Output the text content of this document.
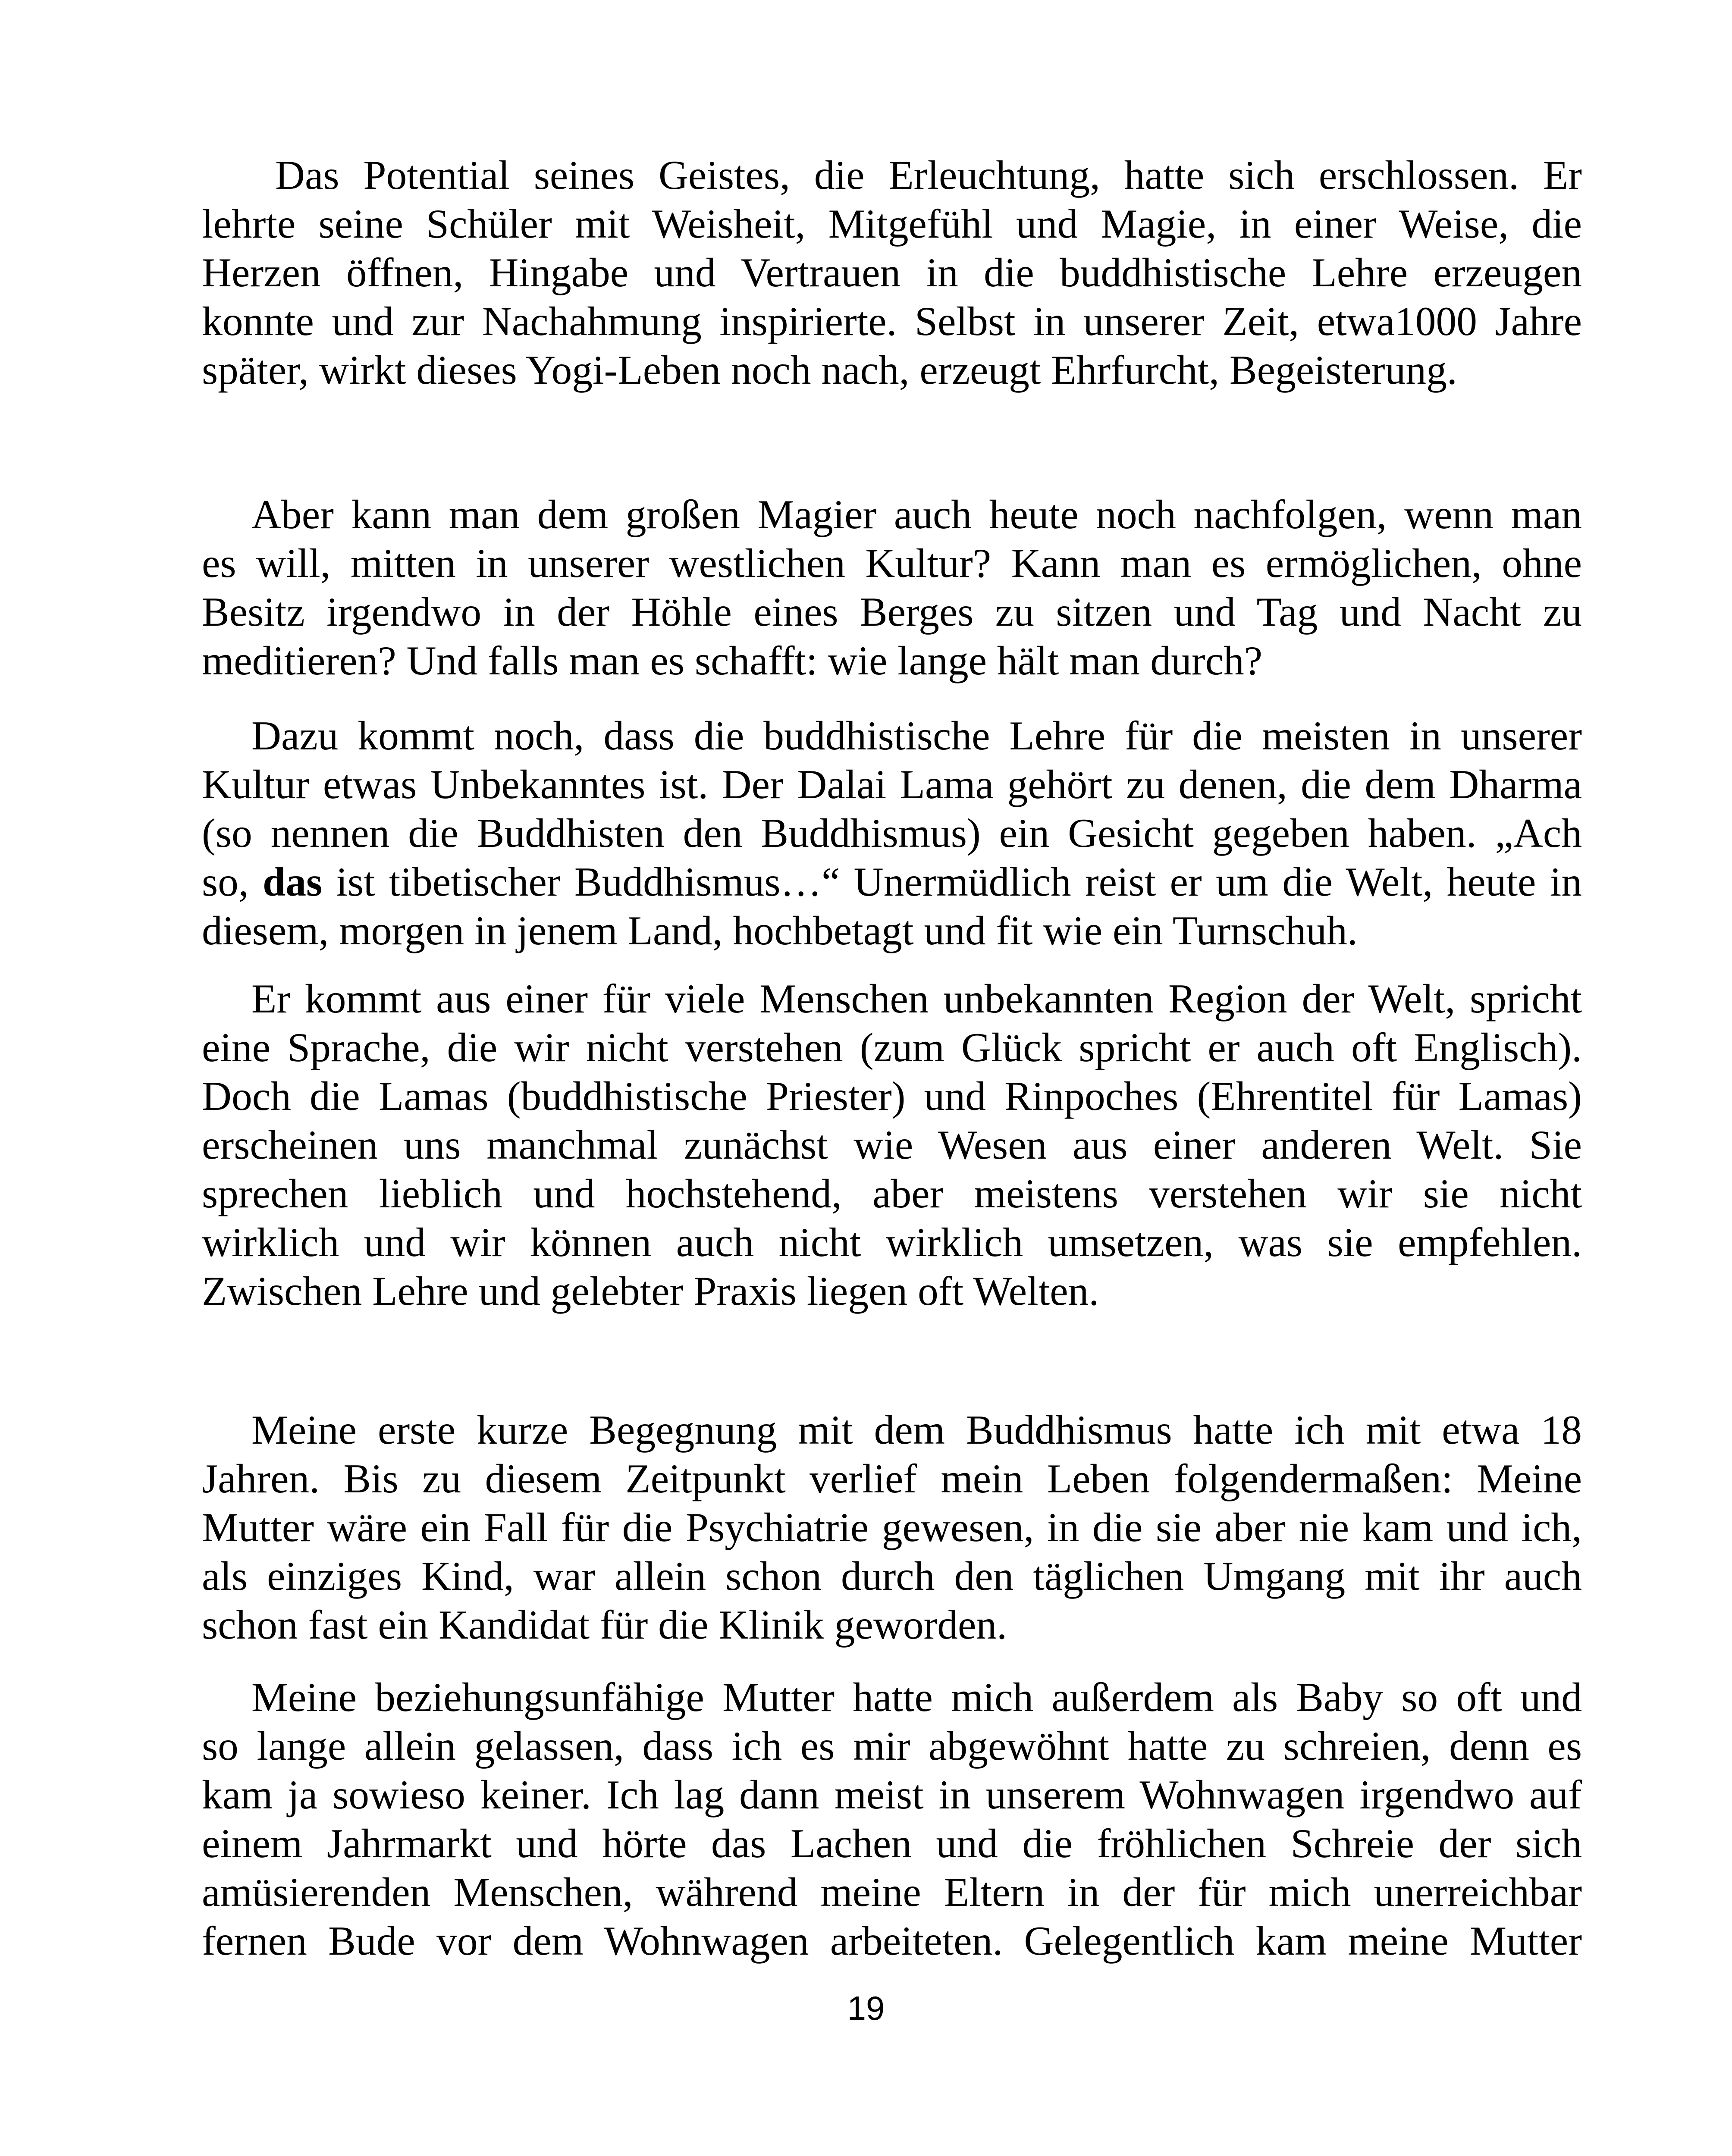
Das Potential seines Geistes, die Erleuchtung, hatte sich erschlossen. Er
lehrte seine Schüler mit Weisheit, Mitgefühl und Magie, in einer Weise, die
Herzen öffnen, Hingabe und Vertrauen in die buddhistische Lehre erzeugen
konnte und zur Nachahmung inspirierte. Selbst in unserer Zeit, etwa1000 Jahre
später, wirkt dieses Yogi-Leben noch nach, erzeugt Ehrfurcht, Begeisterung.
Aber kann man dem großen Magier auch heute noch nachfolgen, wenn man
es will, mitten in unserer westlichen Kultur? Kann man es ermöglichen, ohne
Besitz irgendwo in der Höhle eines Berges zu sitzen und Tag und Nacht zu
meditieren? Und falls man es schafft: wie lange hält man durch?
Dazu kommt noch, dass die buddhistische Lehre für die meisten in unserer
Kultur etwas Unbekanntes ist. Der Dalai Lama gehört zu denen, die dem Dharma
(so nennen die Buddhisten den Buddhismus) ein Gesicht gegeben haben. „Ach
so, das ist tibetischer Buddhismus…“ Unermüdlich reist er um die Welt, heute in
diesem, morgen in jenem Land, hochbetagt und fit wie ein Turnschuh.
Er kommt aus einer für viele Menschen unbekannten Region der Welt, spricht
eine Sprache, die wir nicht verstehen (zum Glück spricht er auch oft Englisch).
Doch die Lamas (buddhistische Priester) und Rinpoches (Ehrentitel für Lamas)
erscheinen uns manchmal zunächst wie Wesen aus einer anderen Welt. Sie
sprechen lieblich und hochstehend, aber meistens verstehen wir sie nicht
wirklich und wir können auch nicht wirklich umsetzen, was sie empfehlen.
Zwischen Lehre und gelebter Praxis liegen oft Welten.
Meine erste kurze Begegnung mit dem Buddhismus hatte ich mit etwa 18
Jahren. Bis zu diesem Zeitpunkt verlief mein Leben folgendermaßen: Meine
Mutter wäre ein Fall für die Psychiatrie gewesen, in die sie aber nie kam und ich,
als einziges Kind, war allein schon durch den täglichen Umgang mit ihr auch
schon fast ein Kandidat für die Klinik geworden.
Meine beziehungsunfähige Mutter hatte mich außerdem als Baby so oft und
so lange allein gelassen, dass ich es mir abgewöhnt hatte zu schreien, denn es
kam ja sowieso keiner. Ich lag dann meist in unserem Wohnwagen irgendwo auf
einem Jahrmarkt und hörte das Lachen und die fröhlichen Schreie der sich
amüsierenden Menschen, während meine Eltern in der für mich unerreichbar
fernen Bude vor dem Wohnwagen arbeiteten. Gelegentlich kam meine Mutter
19
